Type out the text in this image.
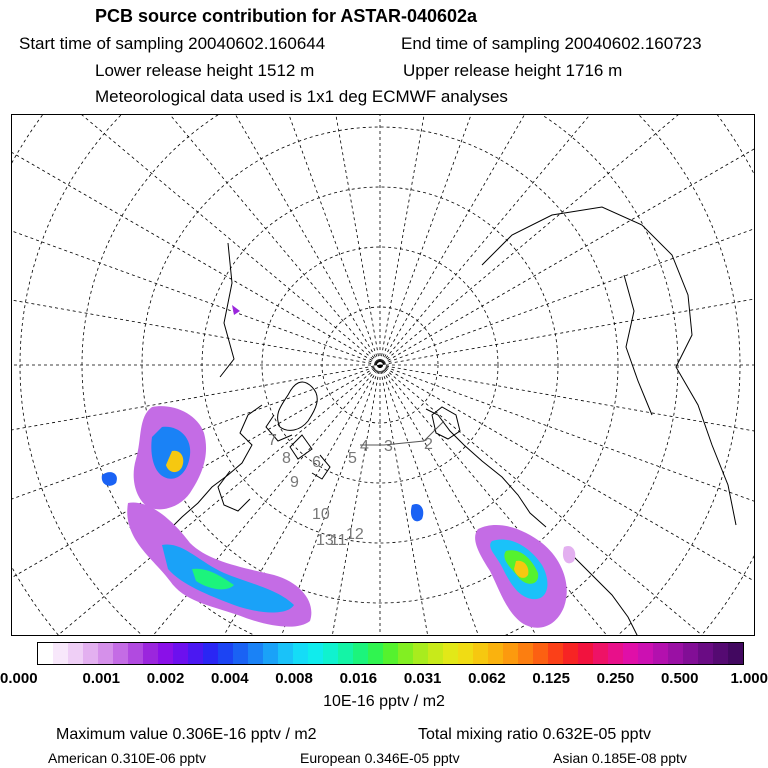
PCB source contribution for ASTAR-040602a
Start time of sampling 20040602.160644	End time of sampling 20040602.160723
Lower release height 1512 m	Upper release height 1716 m
Meteorological data used is 1x1 deg ECMWF analyses
4 3 2
5
6
7
8
9
10
11 12
13
0.000	0.001 0.002 0.004 0.008 0.016 0.031 0.062 0.125 0.250 0.500 1.000
10E-16 pptv / m2
Maximum value 0.306E-16 pptv / m2	Total mixing ratio 0.632E-05 pptv
American 0.310E-06 pptv	European 0.346E-05 pptv	Asian 0.185E-08 pptv
